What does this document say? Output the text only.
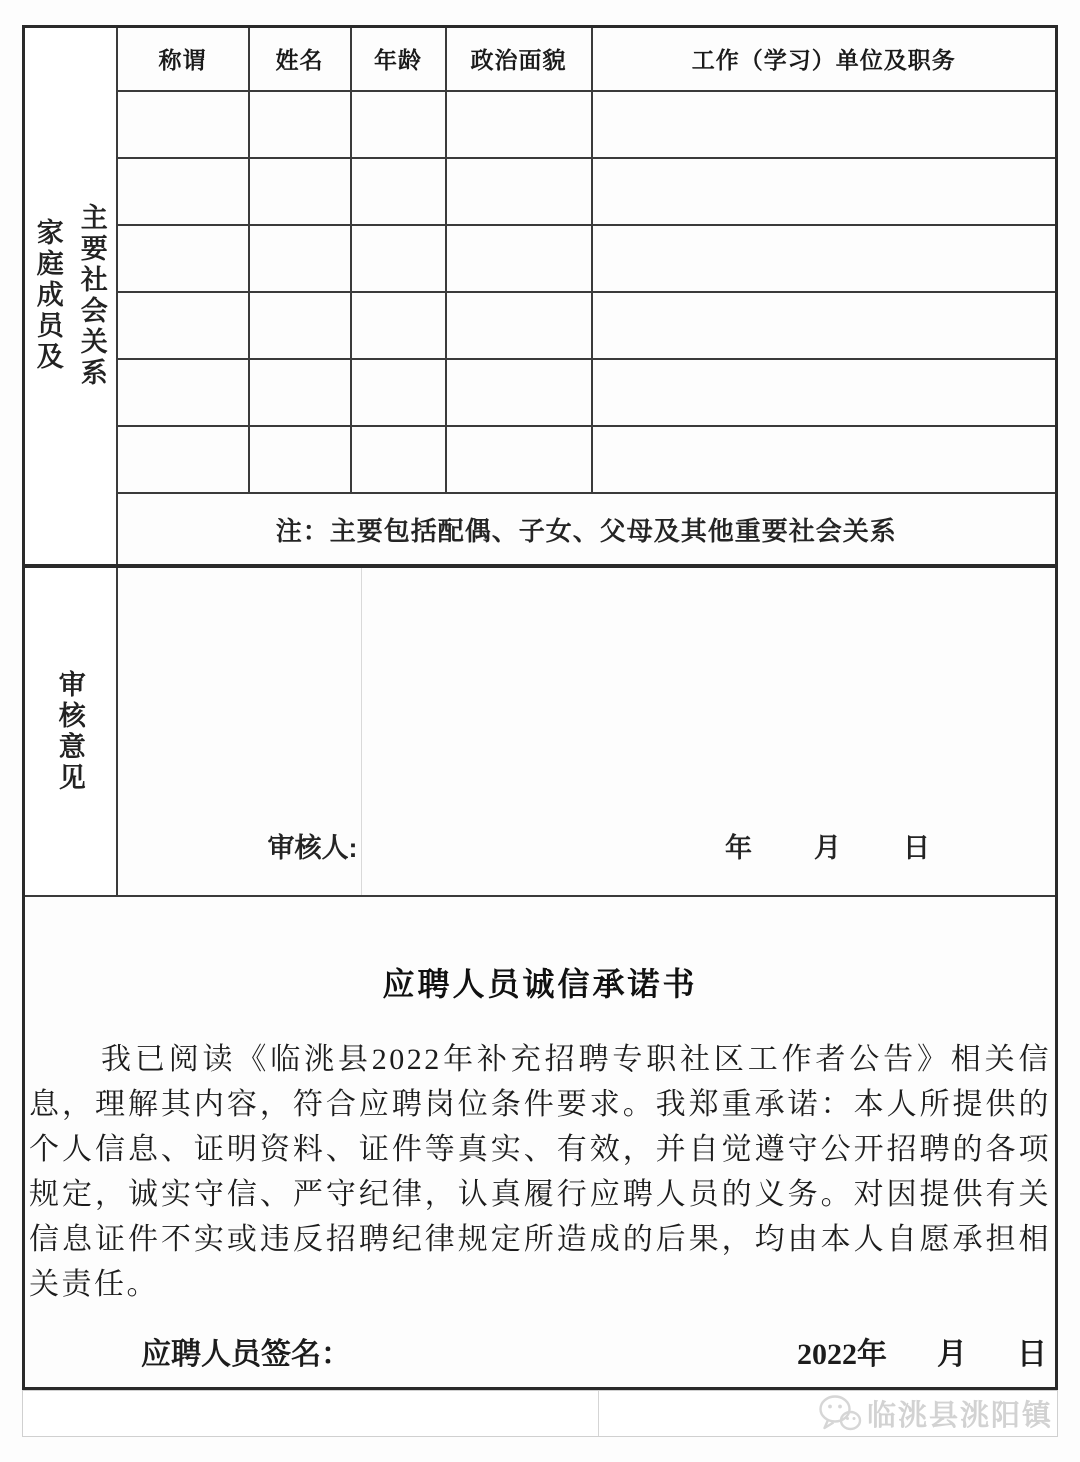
家庭成员及 主要社会关系	称谓	姓名	年龄	政治面貌	工作（学习）单位及职务

	注：主要包括配偶、子女、父母及其他重要社会关系				

审核意见	审核人: 年 月 日				

应聘人员诚信承诺书

我已阅读《临洮县2022年补充招聘专职社区工作者公告》相关信息，理解其内容，符合应聘岗位条件要求。我郑重承诺：本人所提供的个人信息、证明资料、证件等真实、有效，并自觉遵守公开招聘的各项规定，诚实守信、严守纪律，认真履行应聘人员的义务。对因提供有关信息证件不实或违反招聘纪律规定所造成的后果，均由本人自愿承担相关责任。

应聘人员签名：	2022年 月 日
临洮县洮阳镇
